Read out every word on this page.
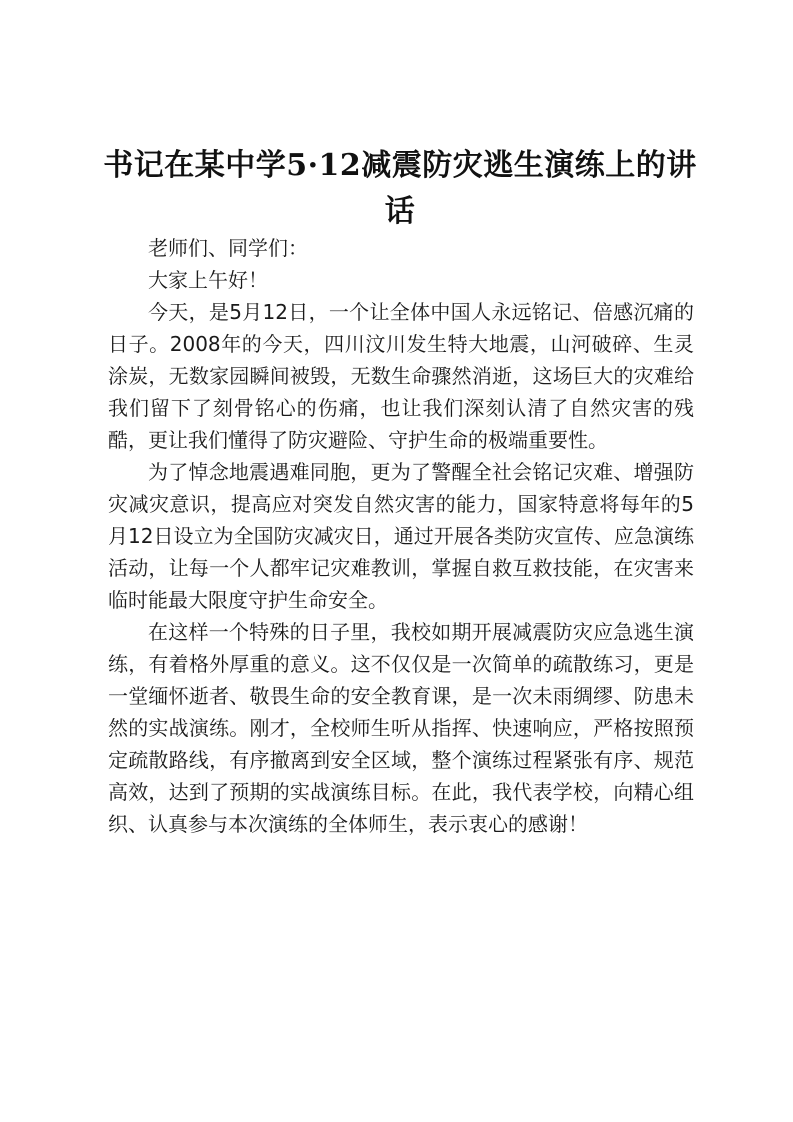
书记在某中学5·12减震防灾逃生演练上的讲话

老师们、同学们：

大家上午好！

今天，是5月12日，一个让全体中国人永远铭记、倍感沉痛的日子。2008年的今天，四川汶川发生特大地震，山河破碎、生灵涂炭，无数家园瞬间被毁，无数生命骤然消逝，这场巨大的灾难给我们留下了刻骨铭心的伤痛，也让我们深刻认清了自然灾害的残酷，更让我们懂得了防灾避险、守护生命的极端重要性。

为了悼念地震遇难同胞，更为了警醒全社会铭记灾难、增强防灾减灾意识，提高应对突发自然灾害的能力，国家特意将每年的5月12日设立为全国防灾减灾日，通过开展各类防灾宣传、应急演练活动，让每一个人都牢记灾难教训，掌握自救互救技能，在灾害来临时能最大限度守护生命安全。

在这样一个特殊的日子里，我校如期开展减震防灾应急逃生演练，有着格外厚重的意义。这不仅仅是一次简单的疏散练习，更是一堂缅怀逝者、敬畏生命的安全教育课，是一次未雨绸缪、防患未然的实战演练。刚才，全校师生听从指挥、快速响应，严格按照预定疏散路线，有序撤离到安全区域，整个演练过程紧张有序、规范高效，达到了预期的实战演练目标。在此，我代表学校，向精心组织、认真参与本次演练的全体师生，表示衷心的感谢！
